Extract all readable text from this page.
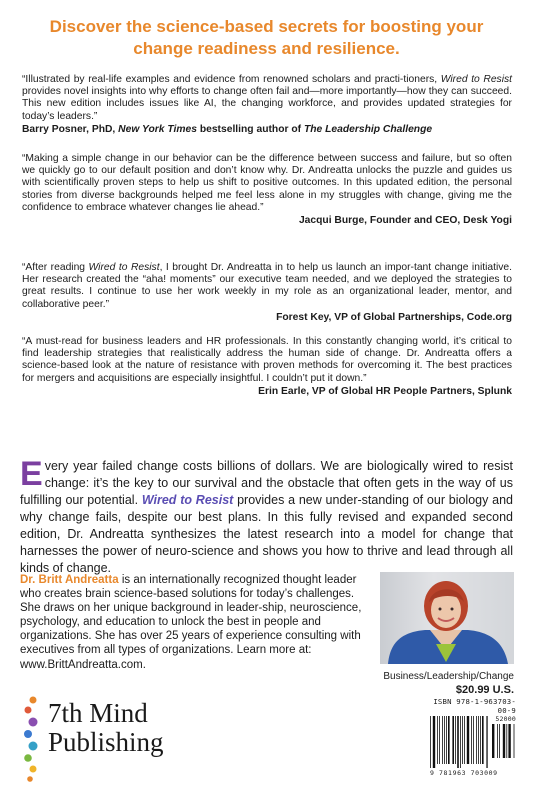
Discover the science-based secrets for boosting your change readiness and resilience.
“Illustrated by real-life examples and evidence from renowned scholars and practi-tioners, Wired to Resist provides novel insights into why efforts to change often fail and—more importantly—how they can succeed. This new edition includes issues like AI, the changing workforce, and provides updated strategies for today’s leaders.”
Barry Posner, PhD, New York Times bestselling author of The Leadership Challenge
“Making a simple change in our behavior can be the difference between success and failure, but so often we quickly go to our default position and don’t know why. Dr. Andreatta unlocks the puzzle and guides us with scientifically proven steps to help us shift to positive outcomes. In this updated edition, the personal stories from diverse backgrounds helped me feel less alone in my struggles with change, giving me the confidence to embrace whatever changes lie ahead.”
Jacqui Burge, Founder and CEO, Desk Yogi
“After reading Wired to Resist, I brought Dr. Andreatta in to help us launch an impor-tant change initiative. Her research created the “aha! moments” our executive team needed, and we deployed the strategies to great results. I continue to use her work weekly in my role as an organizational leader, mentor, and collaborative peer.”
Forest Key, VP of Global Partnerships, Code.org
“A must-read for business leaders and HR professionals. In this constantly changing world, it’s critical to find leadership strategies that realistically address the human side of change. Dr. Andreatta offers a science-based look at the nature of resistance with proven methods for overcoming it. The best practices for mergers and acquisitions are especially insightful. I couldn’t put it down.”
Erin Earle, VP of Global HR People Partners, Splunk
Every year failed change costs billions of dollars. We are biologically wired to resist change: it’s the key to our survival and the obstacle that often gets in the way of us fulfilling our potential. Wired to Resist provides a new under-standing of our biology and why change fails, despite our best plans. In this fully revised and expanded second edition, Dr. Andreatta synthesizes the latest research into a model for change that harnesses the power of neuro-science and shows you how to thrive and lead through all kinds of change.
Dr. Britt Andreatta is an internationally recognized thought leader who creates brain science-based solutions for today’s challenges. She draws on her unique background in leader-ship, neuroscience, psychology, and education to unlock the best in people and organizations. She has over 25 years of experience consulting with executives from all types of organizations. Learn more at: www.BrittAndreatta.com.
Business/Leadership/Change
$20.99 U.S.
ISBN 978-1-963703-00-9
52000
9 781963 703009
7th Mind
Publishing
